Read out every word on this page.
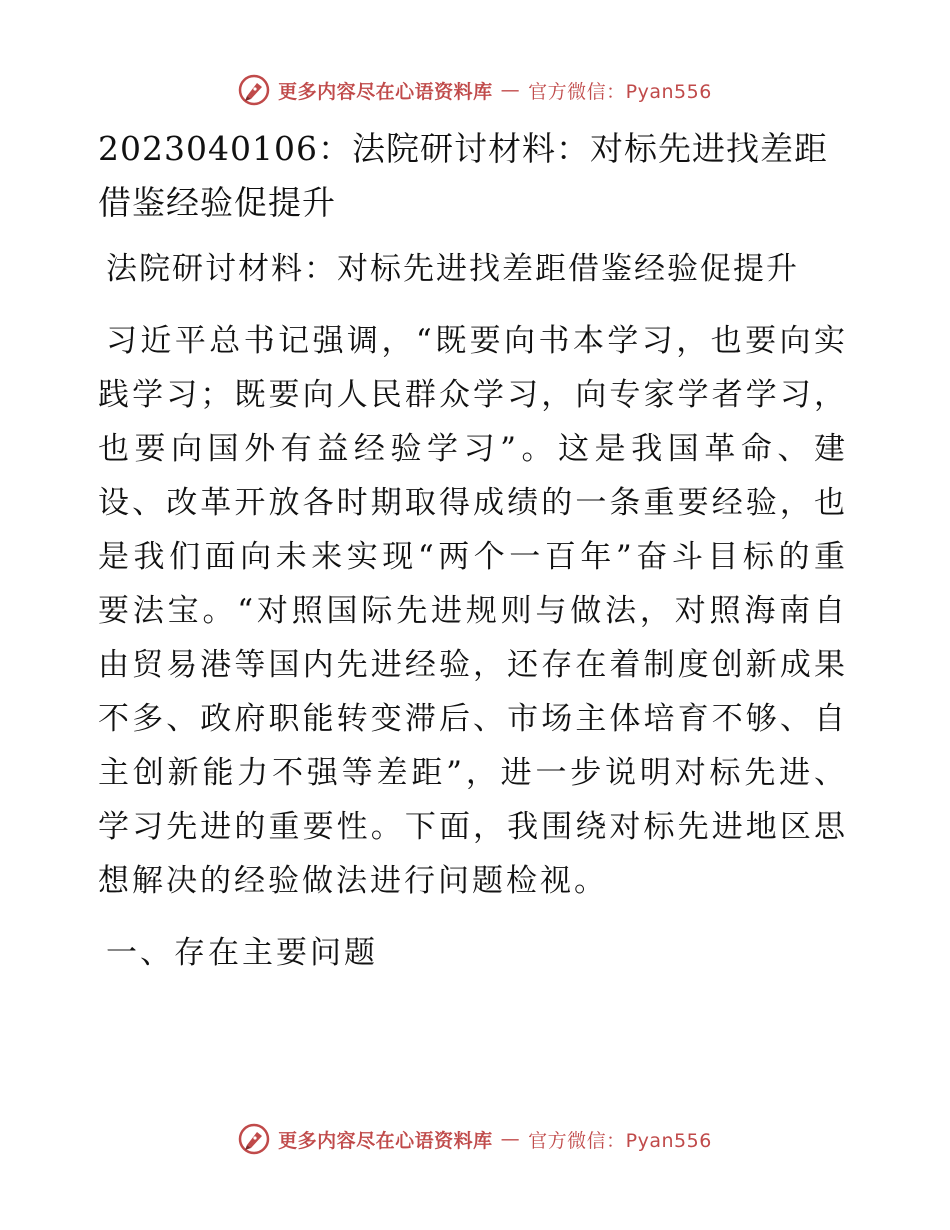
更多内容尽在心语资料库 — 官方微信：Pyan556
2023040106：法院研讨材料：对标先进找差距借鉴经验促提升
法院研讨材料：对标先进找差距借鉴经验促提升

习近平总书记强调，“既要向书本学习，也要向实践学习；既要向人民群众学习，向专家学者学习，也要向国外有益经验学习”。这是我国革命、建设、改革开放各时期取得成绩的一条重要经验，也是我们面向未来实现“两个一百年”奋斗目标的重要法宝。“对照国际先进规则与做法，对照海南自由贸易港等国内先进经验，还存在着制度创新成果不多、政府职能转变滞后、市场主体培育不够、自主创新能力不强等差距”，进一步说明对标先进、学习先进的重要性。下面，我围绕对标先进地区思想解决的经验做法进行问题检视。

一、存在主要问题
更多内容尽在心语资料库 — 官方微信：Pyan556
